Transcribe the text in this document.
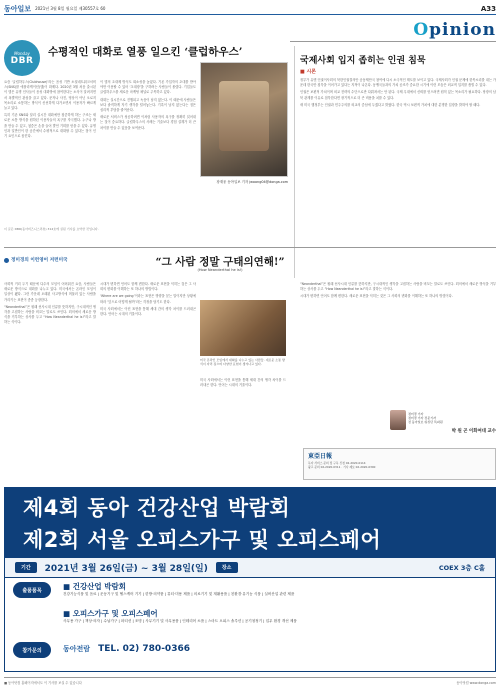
동아일보 2021년 3월 8일 월요일 제30557호 60	A33
Opinion
Monday
DBR
수평적인 대화로 열풍 일으킨 ‘클럽하우스’

요즘 ‘클럽하우스(Clubhouse)’라는 음성 기반 소셜네트워크서비스(SNS)를 애플리케이션(앱)이 화제다. 2020년 3월 처음 출시된 이 앱은 유명 인사들이 음성 대화방에 참여한다는 소식이 알려지면서 폭발적인 관심을 끌고 있다. 문자나 사진, 영상이 아닌 오로지 목소리로 소통하는 방식이 신선하게 다가오면서 이용자가 빠르게 늘고 있다.

특히 기존 SNS와 달리 실시간 대화에만 집중하게 하는 구조는 새로운 소통 방식을 원하던 이용자들의 욕구를 자극했다. 누구나 방을 만들 수 있고, 청중은 손을 들어 발언 기회를 얻을 수 있다. 유명인과 일반인이 한 공간에서 수평적으로 대화할 수 있다는 점이 인기 요인으로 꼽힌다.

이 앱의 초대제 방식도 희소성을 높였다. 기존 가입자의 초대를 받아야만 이용할 수 있어 ‘초대장’을 구하려는 사람들이 몰렸다. 기업들도 클럽하우스를 새로운 마케팅 채널로 주목하고 있다.

대화는 실시간으로 진행되고 녹음이 남지 않는다. 이 때문에 사람들은 보다 솔직하게 자기 생각을 털어놓는다. 기록이 남지 않는다는 점은 심리적 부담을 줄여준다.

새로운 서비스가 성공하려면 이처럼 사용자의 욕구를 정확히 읽어내는 것이 중요하다. 클럽하우스의 사례는 기술보다 경험 설계가 더 큰 차이를 만들 수 있음을 보여준다.

장재웅 동아일보 기자 jwoong04@donga.com
국제사회 입지 좁히는 인권 침묵
■ 시론

정부가 유엔 인권이사회의 북한인권결의안 공동제안국 참여에 다시 소극적인 태도를 보이고 있다. 국제사회가 인권 문제에 한목소리를 내는 가운데 한국만 침묵을 이어가고 있다는 지적이 나온다. 동맹국들과의 가치 공조가 중요한 시기에 이런 모습은 외교적 입지를 좁힐 수 있다.

인권은 보편적 가치이며 외교 전략의 수단으로만 다뤄져서는 안 된다. 국제 무대에서 신뢰를 얻으려면 원칙 있는 목소리가 필요하다. 당장의 남북 관계를 이유로 침묵한다면 장기적으로 더 큰 비용을 치를 수 있다.

새 미국 행정부는 인권과 민주주의를 외교의 중심에 두겠다고 밝혔다. 한국 역시 보편적 가치에 대한 분명한 입장을 밝혀야 할 때다.

이 글은 DBR(동아비즈니스리뷰) 314호에 실린 기사를 요약한 것입니다.
정미경의 이런영어 저런미국	“그 사람 정말 구태의연해!”
(How Neanderthal he is!)

사회적 거리 두기 때문에 다수의 모임이 어려워진 요즘, 사람들은 새로운 방식으로 대화를 나누고 있다. 미국에서는 온라인 모임이 일상이 됐다. 그런 가운데 오래된 사고방식에 머물러 있는 사람을 가리키는 표현이 종종 등장한다.

“Neanderthal”은 원래 선사시대 인류를 뜻하지만, 구시대적인 생각을 고집하는 사람을 비꼬는 말로도 쓰인다. 회의에서 새로운 방식을 거부하는 상사를 두고 “How Neanderthal he is!”라고 말하는 식이다.

시대가 변하면 언어도 함께 변한다. 새로운 표현을 익히는 것은 그 사회의 변화를 이해하는 또 하나의 방법이다.

‘Where are we going’이라는 표현은 방향을 묻는 말이지만 상황에 따라 ‘앞으로 어떻게 될까’라는 걱정을 담기도 한다.

미국 사회에서는 이런 표현을 통해 세대 간의 생각 차이를 드러내곤 한다. 언어는 시대의 거울이다.

미국 온라인 모임에서 대화를 나누고 있는 사람들. 새로운 소통 방식이 자리 잡으며 다양한 표현이 생겨나고 있다.

미국 사회에서는 이런 표현을 통해 세대 간의 생각 차이를 드러내곤 한다. 언어는 시대의 거울이다.

“Neanderthal”은 원래 선사시대 인류를 뜻하지만, 구시대적인 생각을 고집하는 사람을 비꼬는 말로도 쓰인다. 회의에서 새로운 방식을 거부하는 상사를 두고 “How Neanderthal he is!”라고 말하는 식이다.

시대가 변하면 언어도 함께 변한다. 새로운 표현을 익히는 것은 그 사회의 변화를 이해하는 또 하나의 방법이다.

정미경 기자
정미경 기자 전문기자
전 동아일보 워싱턴 특파원
박 원 곤 이화여대 교수
東亞日報
독자 서비스 문의 및 구독 신청 02-2020-0114
광고 문의 02-2020-0311 · 기사 제보 02-2020-0300
제4회 동아 건강산업 박람회
제2회 서울 오피스가구 및 오피스페어
기간	2021년 3월 26일(금) ~ 3월 28일(일)	장소	COEX 3층 C홀
출품품목	■ 건강산업 박람회
건강기능식품 및 음료 | 운동기구 및 헬스케어 기기 | 한방·의약품 | 뷰티·미용 제품 | 의료기기 및 재활용품 | 친환경·유기농 식품 | 실버산업 관련 제품
■ 오피스가구 및 오피스페어
사무용 가구 | 책상·의자 | 수납가구 | 파티션 | 조명 | 사무기기 및 사무용품 | 인테리어 소품 | 스마트 오피스 솔루션 | 공기청정기 | 업무 환경 개선 제품
참가문의	동아전람 TEL. 02) 780-0366
■ 동아닷컴 홈페이지에서도 이 기사를 보실 수 있습니다	동아닷컴 www.donga.com
